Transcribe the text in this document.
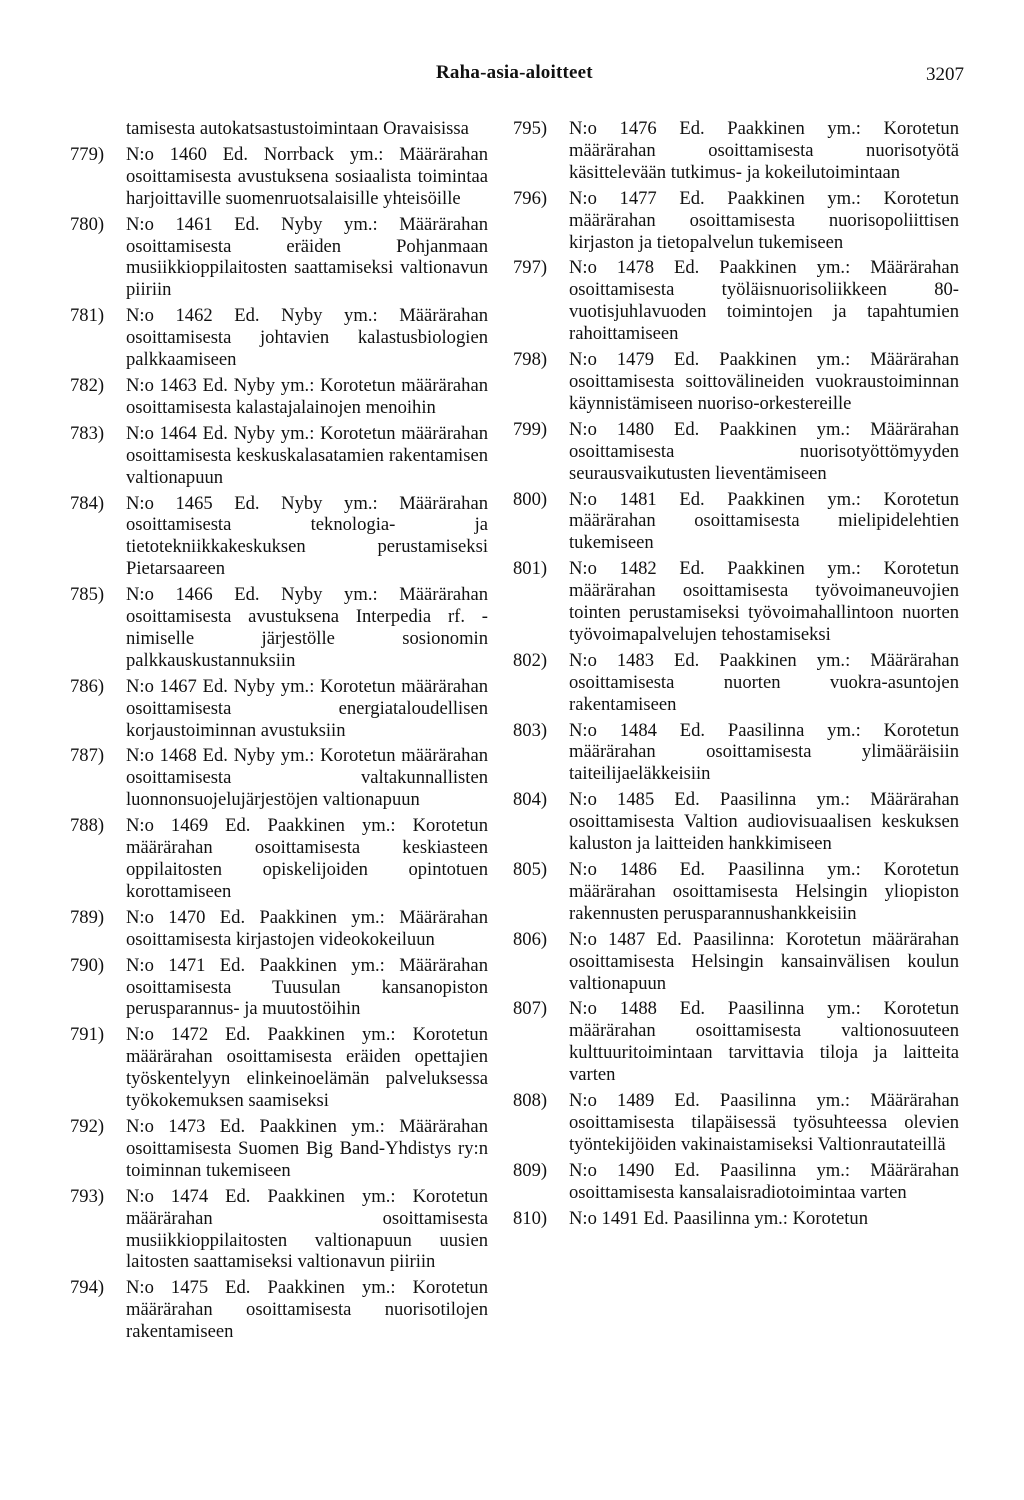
Raha-asia-aloitteet	3207
tamisesta autokatsastustoimintaan Oravaisissa
779) N:o 1460 Ed. Norrback ym.: Määrärahan osoittamisesta avustuksena sosiaalista toimintaa harjoittaville suomenruotsalaisille yhteisöille
780) N:o 1461 Ed. Nyby ym.: Määrärahan osoittamisesta eräiden Pohjanmaan musiikkioppilaitosten saattamiseksi valtionavun piiriin
781) N:o 1462 Ed. Nyby ym.: Määrärahan osoittamisesta johtavien kalastusbiologien palkkaamiseen
782) N:o 1463 Ed. Nyby ym.: Korotetun määrärahan osoittamisesta kalastajalainojen menoihin
783) N:o 1464 Ed. Nyby ym.: Korotetun määrärahan osoittamisesta keskuskalasatamien rakentamisen valtionapuun
784) N:o 1465 Ed. Nyby ym.: Määrärahan osoittamisesta teknologia- ja tietotekniikkakeskuksen perustamiseksi Pietarsaareen
785) N:o 1466 Ed. Nyby ym.: Määrärahan osoittamisesta avustuksena Interpedia rf. -nimiselle järjestölle sosionomin palkkauskustannuksiin
786) N:o 1467 Ed. Nyby ym.: Korotetun määrärahan osoittamisesta energiataloudellisen korjaustoiminnan avustuksiin
787) N:o 1468 Ed. Nyby ym.: Korotetun määrärahan osoittamisesta valtakunnallisten luonnonsuojelujärjestöjen valtionapuun
788) N:o 1469 Ed. Paakkinen ym.: Korotetun määrärahan osoittamisesta keskiasteen oppilaitosten opiskelijoiden opintotuen korottamiseen
789) N:o 1470 Ed. Paakkinen ym.: Määrärahan osoittamisesta kirjastojen videokokeiluun
790) N:o 1471 Ed. Paakkinen ym.: Määrärahan osoittamisesta Tuusulan kansanopiston perusparannus- ja muutostöihin
791) N:o 1472 Ed. Paakkinen ym.: Korotetun määrärahan osoittamisesta eräiden opettajien työskentelyyn elinkeinoelämän palveluksessa työkokemuksen saamiseksi
792) N:o 1473 Ed. Paakkinen ym.: Määrärahan osoittamisesta Suomen Big Band-Yhdistys ry:n toiminnan tukemiseen
793) N:o 1474 Ed. Paakkinen ym.: Korotetun määrärahan osoittamisesta musiikkioppilaitosten valtionapuun uusien laitosten saattamiseksi valtionavun piiriin
794) N:o 1475 Ed. Paakkinen ym.: Korotetun määrärahan osoittamisesta nuorisotilojen rakentamiseen
795) N:o 1476 Ed. Paakkinen ym.: Korotetun määrärahan osoittamisesta nuorisotyötä käsittelevään tutkimus- ja kokeilutoimintaan
796) N:o 1477 Ed. Paakkinen ym.: Korotetun määrärahan osoittamisesta nuorisopoliittisen kirjaston ja tietopalvelun tukemiseen
797) N:o 1478 Ed. Paakkinen ym.: Määrärahan osoittamisesta työläisnuorisoliikkeen 80-vuotisjuhlavuoden toimintojen ja tapahtumien rahoittamiseen
798) N:o 1479 Ed. Paakkinen ym.: Määrärahan osoittamisesta soittovälineiden vuokraustoiminnan käynnistämiseen nuoriso-orkestereille
799) N:o 1480 Ed. Paakkinen ym.: Määrärahan osoittamisesta nuorisotyöttömyyden seurausvaikutusten lieventämiseen
800) N:o 1481 Ed. Paakkinen ym.: Korotetun määrärahan osoittamisesta mielipidelehtien tukemiseen
801) N:o 1482 Ed. Paakkinen ym.: Korotetun määrärahan osoittamisesta työvoimaneuvojien tointen perustamiseksi työvoimahallintoon nuorten työvoimapalvelujen tehostamiseksi
802) N:o 1483 Ed. Paakkinen ym.: Määrärahan osoittamisesta nuorten vuokra-asuntojen rakentamiseen
803) N:o 1484 Ed. Paasilinna ym.: Korotetun määrärahan osoittamisesta ylimääräisiin taiteilijaeläkkeisiin
804) N:o 1485 Ed. Paasilinna ym.: Määrärahan osoittamisesta Valtion audiovisuaalisen keskuksen kaluston ja laitteiden hankkimiseen
805) N:o 1486 Ed. Paasilinna ym.: Korotetun määrärahan osoittamisesta Helsingin yliopiston rakennusten perusparannushankkeisiin
806) N:o 1487 Ed. Paasilinna: Korotetun määrärahan osoittamisesta Helsingin kansainvälisen koulun valtionapuun
807) N:o 1488 Ed. Paasilinna ym.: Korotetun määrärahan osoittamisesta valtionosuuteen kulttuuritoimintaan tarvittavia tiloja ja laitteita varten
808) N:o 1489 Ed. Paasilinna ym.: Määrärahan osoittamisesta tilapäisessä työsuhteessa olevien työntekijöiden vakinaistamiseksi Valtionrautateillä
809) N:o 1490 Ed. Paasilinna ym.: Määrärahan osoittamisesta kansalaisradiotoimintaa varten
810) N:o 1491 Ed. Paasilinna ym.: Korotetun
